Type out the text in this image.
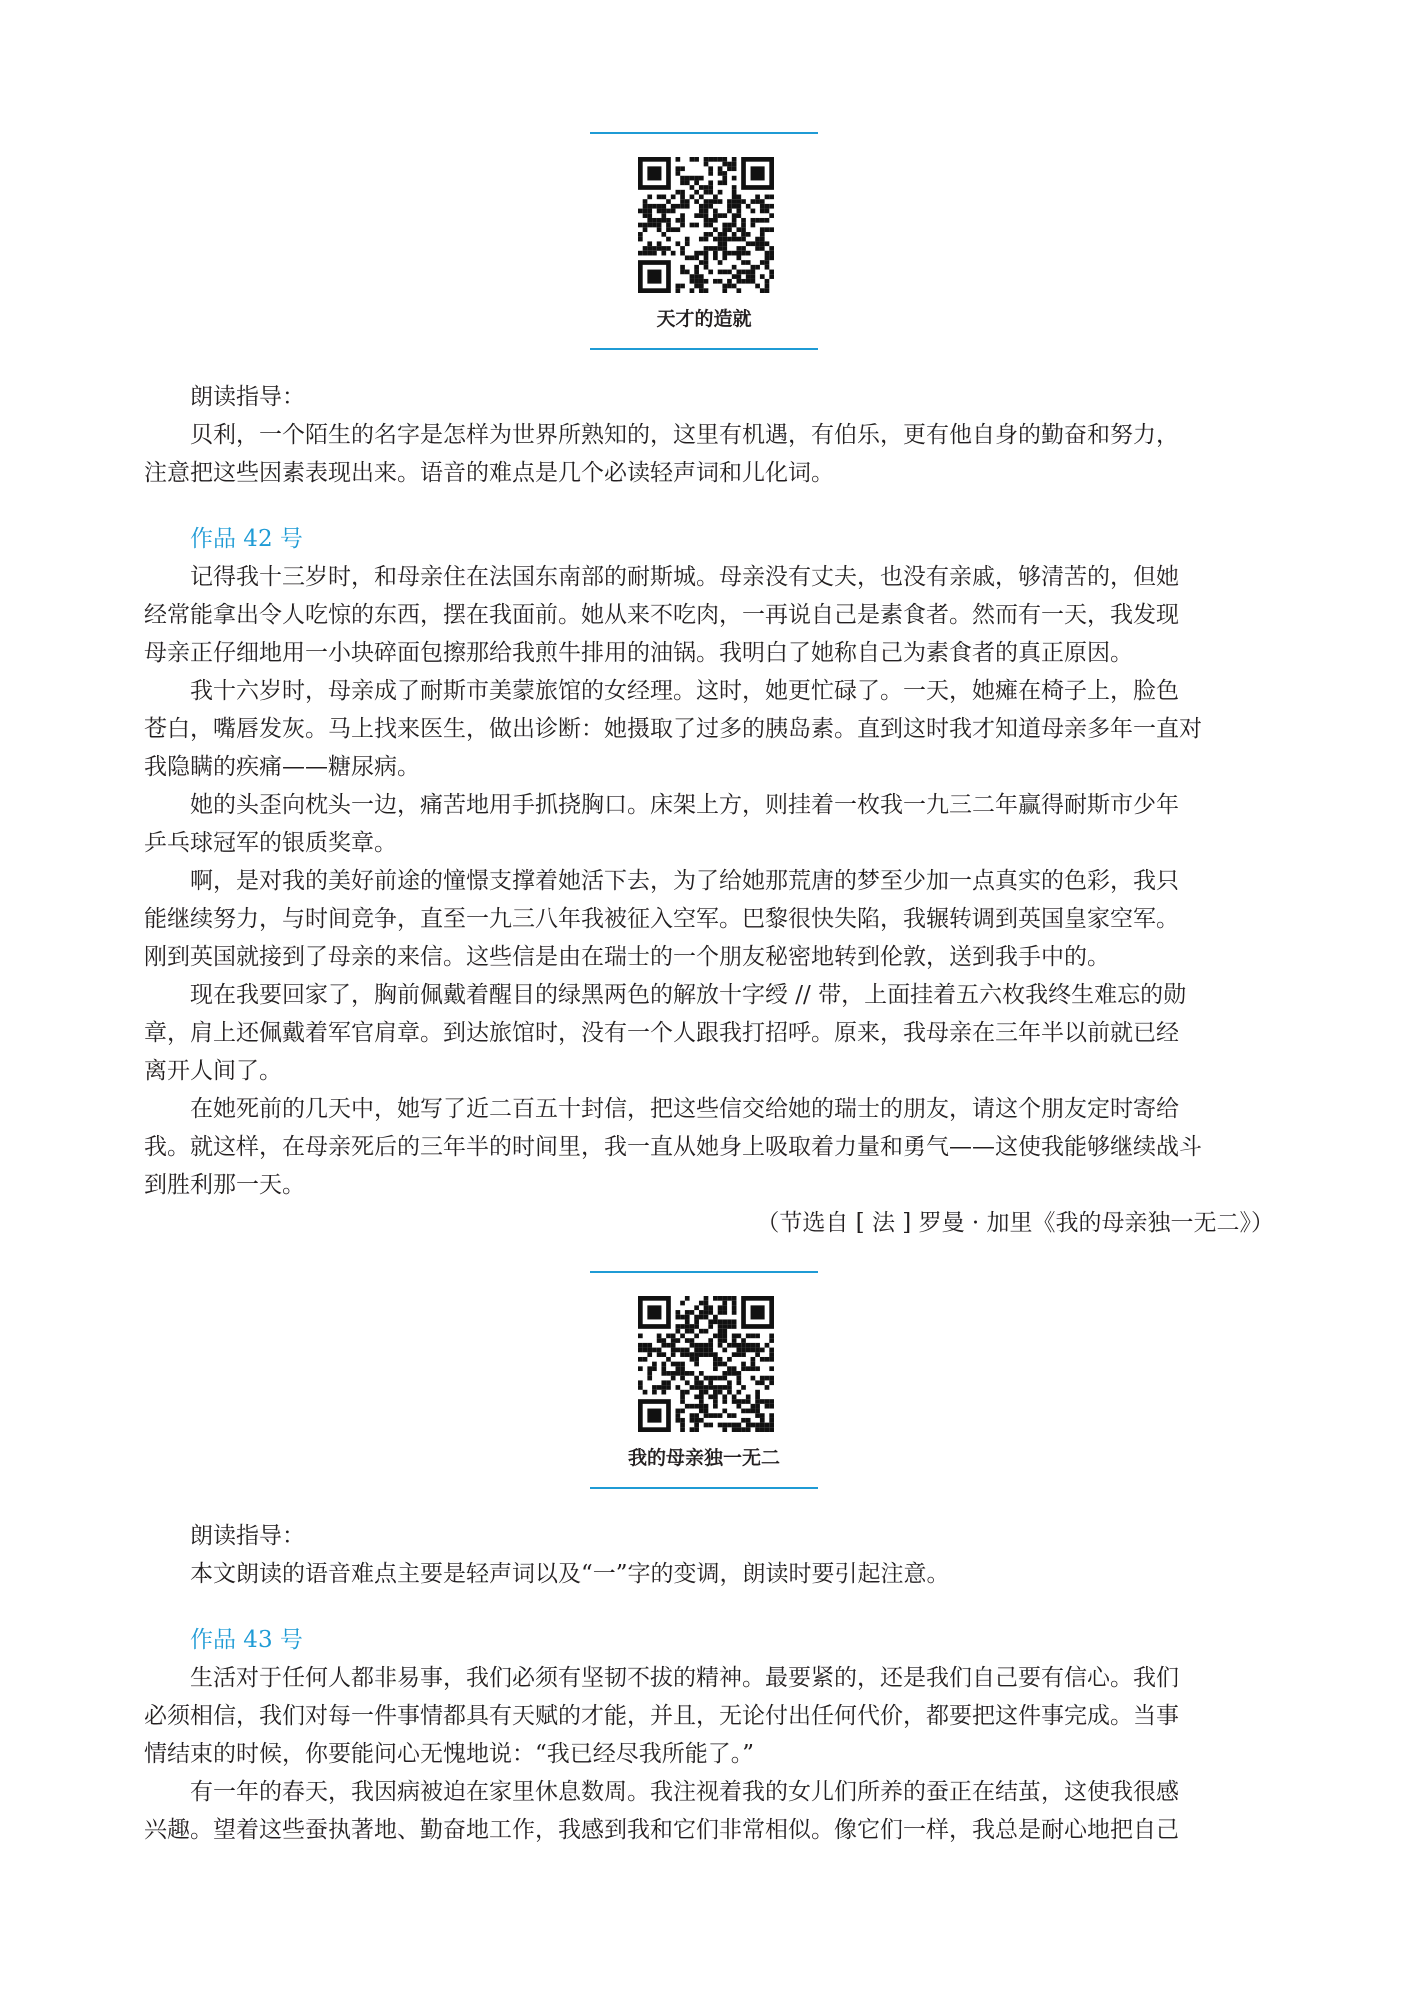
天才的造就
朗读指导：
贝利，一个陌生的名字是怎样为世界所熟知的，这里有机遇，有伯乐，更有他自身的勤奋和努力，
注意把这些因素表现出来。语音的难点是几个必读轻声词和儿化词。
作品 42 号
记得我十三岁时，和母亲住在法国东南部的耐斯城。母亲没有丈夫，也没有亲戚，够清苦的，但她
经常能拿出令人吃惊的东西，摆在我面前。她从来不吃肉，一再说自己是素食者。然而有一天，我发现
母亲正仔细地用一小块碎面包擦那给我煎牛排用的油锅。我明白了她称自己为素食者的真正原因。
我十六岁时，母亲成了耐斯市美蒙旅馆的女经理。这时，她更忙碌了。一天，她瘫在椅子上，脸色
苍白，嘴唇发灰。马上找来医生，做出诊断：她摄取了过多的胰岛素。直到这时我才知道母亲多年一直对
我隐瞒的疾痛——糖尿病。
她的头歪向枕头一边，痛苦地用手抓挠胸口。床架上方，则挂着一枚我一九三二年赢得耐斯市少年
乒乓球冠军的银质奖章。
啊，是对我的美好前途的憧憬支撑着她活下去，为了给她那荒唐的梦至少加一点真实的色彩，我只
能继续努力，与时间竞争，直至一九三八年我被征入空军。巴黎很快失陷，我辗转调到英国皇家空军。
刚到英国就接到了母亲的来信。这些信是由在瑞士的一个朋友秘密地转到伦敦，送到我手中的。
现在我要回家了，胸前佩戴着醒目的绿黑两色的解放十字绶 // 带，上面挂着五六枚我终生难忘的勋
章，肩上还佩戴着军官肩章。到达旅馆时，没有一个人跟我打招呼。原来，我母亲在三年半以前就已经
离开人间了。
在她死前的几天中，她写了近二百五十封信，把这些信交给她的瑞士的朋友，请这个朋友定时寄给
我。就这样，在母亲死后的三年半的时间里，我一直从她身上吸取着力量和勇气——这使我能够继续战斗
到胜利那一天。
（节选自 [ 法 ] 罗曼 · 加里《我的母亲独一无二》）
我的母亲独一无二
朗读指导：
本文朗读的语音难点主要是轻声词以及“一”字的变调，朗读时要引起注意。
作品 43 号
生活对于任何人都非易事，我们必须有坚韧不拔的精神。最要紧的，还是我们自己要有信心。我们
必须相信，我们对每一件事情都具有天赋的才能，并且，无论付出任何代价，都要把这件事完成。当事
情结束的时候，你要能问心无愧地说：“我已经尽我所能了。”
有一年的春天，我因病被迫在家里休息数周。我注视着我的女儿们所养的蚕正在结茧，这使我很感
兴趣。望着这些蚕执著地、勤奋地工作，我感到我和它们非常相似。像它们一样，我总是耐心地把自己
